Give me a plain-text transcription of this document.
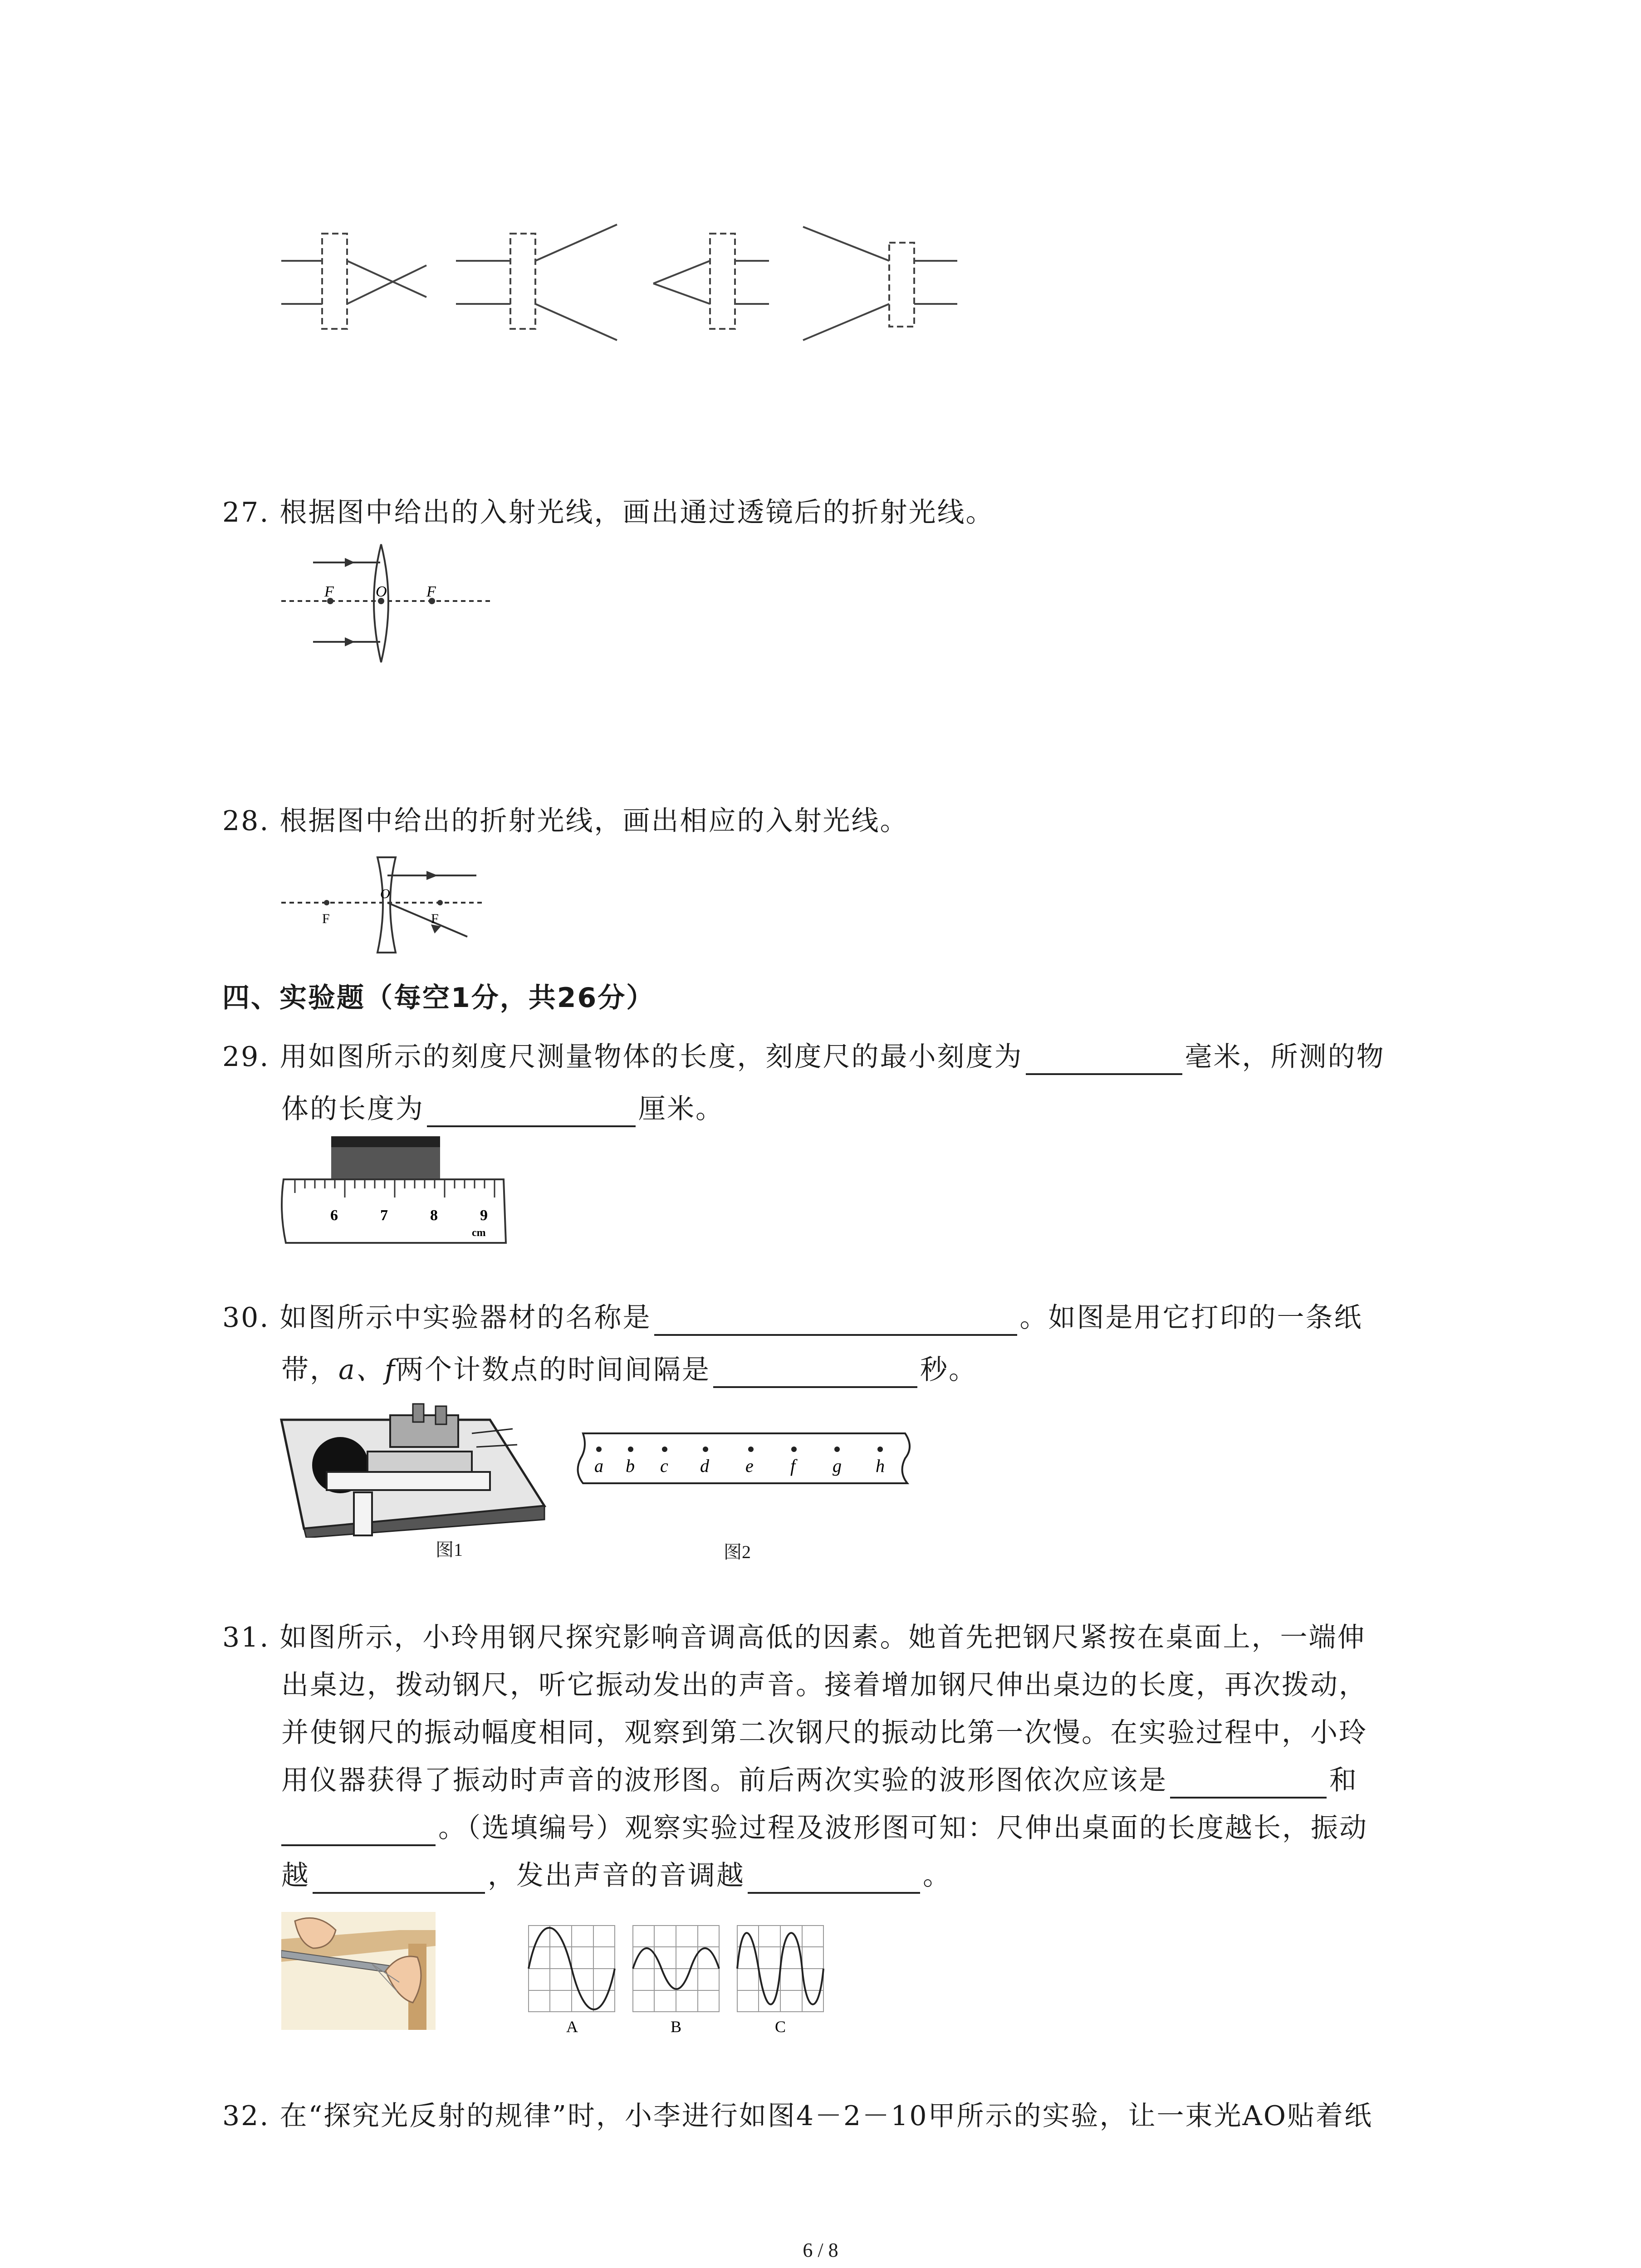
27. 根据图中给出的入射光线，画出通过透镜后的折射光线。
F	O	F
28. 根据图中给出的折射光线，画出相应的入射光线。
O
F	F
四、实验题（每空1分，共26分）
29. 用如图所示的刻度尺测量物体的长度，刻度尺的最小刻度为	毫米，所测的物
体的长度为	厘米。
6	7	8	9
cm
30. 如图所示中实验器材的名称是	。如图是用它打印的一条纸
带，a、f两个计数点的时间间隔是	秒。
图1
a b c d e f g h
图2
31. 如图所示，小玲用钢尺探究影响音调高低的因素。她首先把钢尺紧按在桌面上，一端伸
出桌边，拨动钢尺，听它振动发出的声音。接着增加钢尺伸出桌边的长度，再次拨动，
并使钢尺的振动幅度相同，观察到第二次钢尺的振动比第一次慢。在实验过程中，小玲
用仪器获得了振动时声音的波形图。前后两次实验的波形图依次应该是	和
。（选填编号）观察实验过程及波形图可知：尺伸出桌面的长度越长，振动
越	，发出声音的音调越	。
A	B	C
32. 在“探究光反射的规律”时，小李进行如图4－2－10甲所示的实验，让一束光AO贴着纸
6 / 8
